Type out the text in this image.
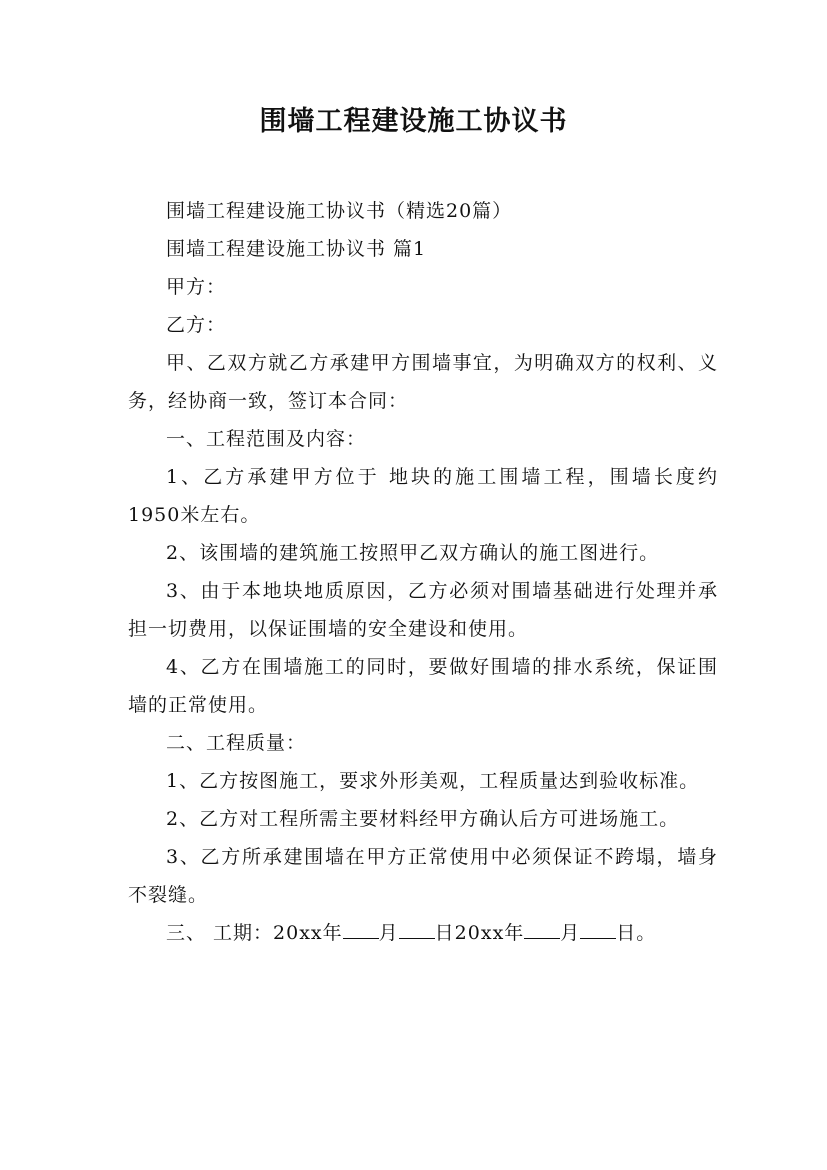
围墙工程建设施工协议书

围墙工程建设施工协议书（精选20篇）

围墙工程建设施工协议书 篇1

甲方：

乙方：

甲、乙双方就乙方承建甲方围墙事宜，为明确双方的权利、义务，经协商一致，签订本合同：

一、工程范围及内容：

1、乙方承建甲方位于 地块的施工围墙工程，围墙长度约1950米左右。

2、该围墙的建筑施工按照甲乙双方确认的施工图进行。

3、由于本地块地质原因，乙方必须对围墙基础进行处理并承担一切费用，以保证围墙的安全建设和使用。

4、乙方在围墙施工的同时，要做好围墙的排水系统，保证围墙的正常使用。

二、工程质量：

1、乙方按图施工，要求外形美观，工程质量达到验收标准。

2、乙方对工程所需主要材料经甲方确认后方可进场施工。

3、乙方所承建围墙在甲方正常使用中必须保证不跨塌，墙身不裂缝。

三、 工期：20xx年 月 日20xx年 月 日。
